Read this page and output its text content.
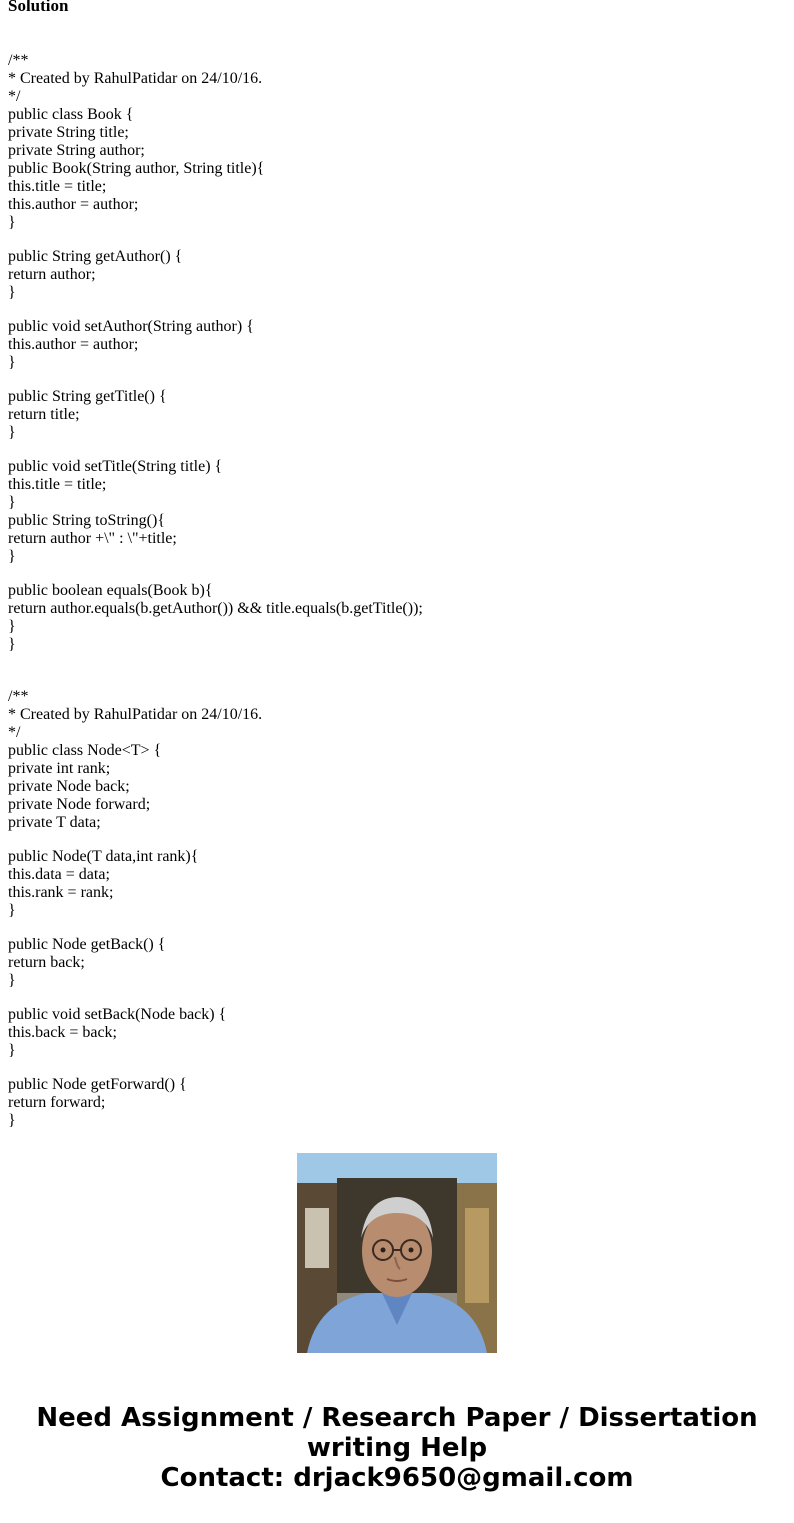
Solution
/**
* Created by RahulPatidar on 24/10/16.
*/
public class Book {
private String title;
private String author;
public Book(String author, String title){
this.title = title;
this.author = author;
}
public String getAuthor() {
return author;
}
public void setAuthor(String author) {
this.author = author;
}
public String getTitle() {
return title;
}
public void setTitle(String title) {
this.title = title;
}
public String toString(){
return author +\" : \"+title;
}
public boolean equals(Book b){
return author.equals(b.getAuthor()) && title.equals(b.getTitle());
}
}
/**
* Created by RahulPatidar on 24/10/16.
*/
public class Node<T> {
private int rank;
private Node back;
private Node forward;
private T data;
public Node(T data,int rank){
this.data = data;
this.rank = rank;
}
public Node getBack() {
return back;
}
public void setBack(Node back) {
this.back = back;
}
public Node getForward() {
return forward;
}
Need Assignment / Research Paper / Dissertation
writing Help
Contact: drjack9650@gmail.com
